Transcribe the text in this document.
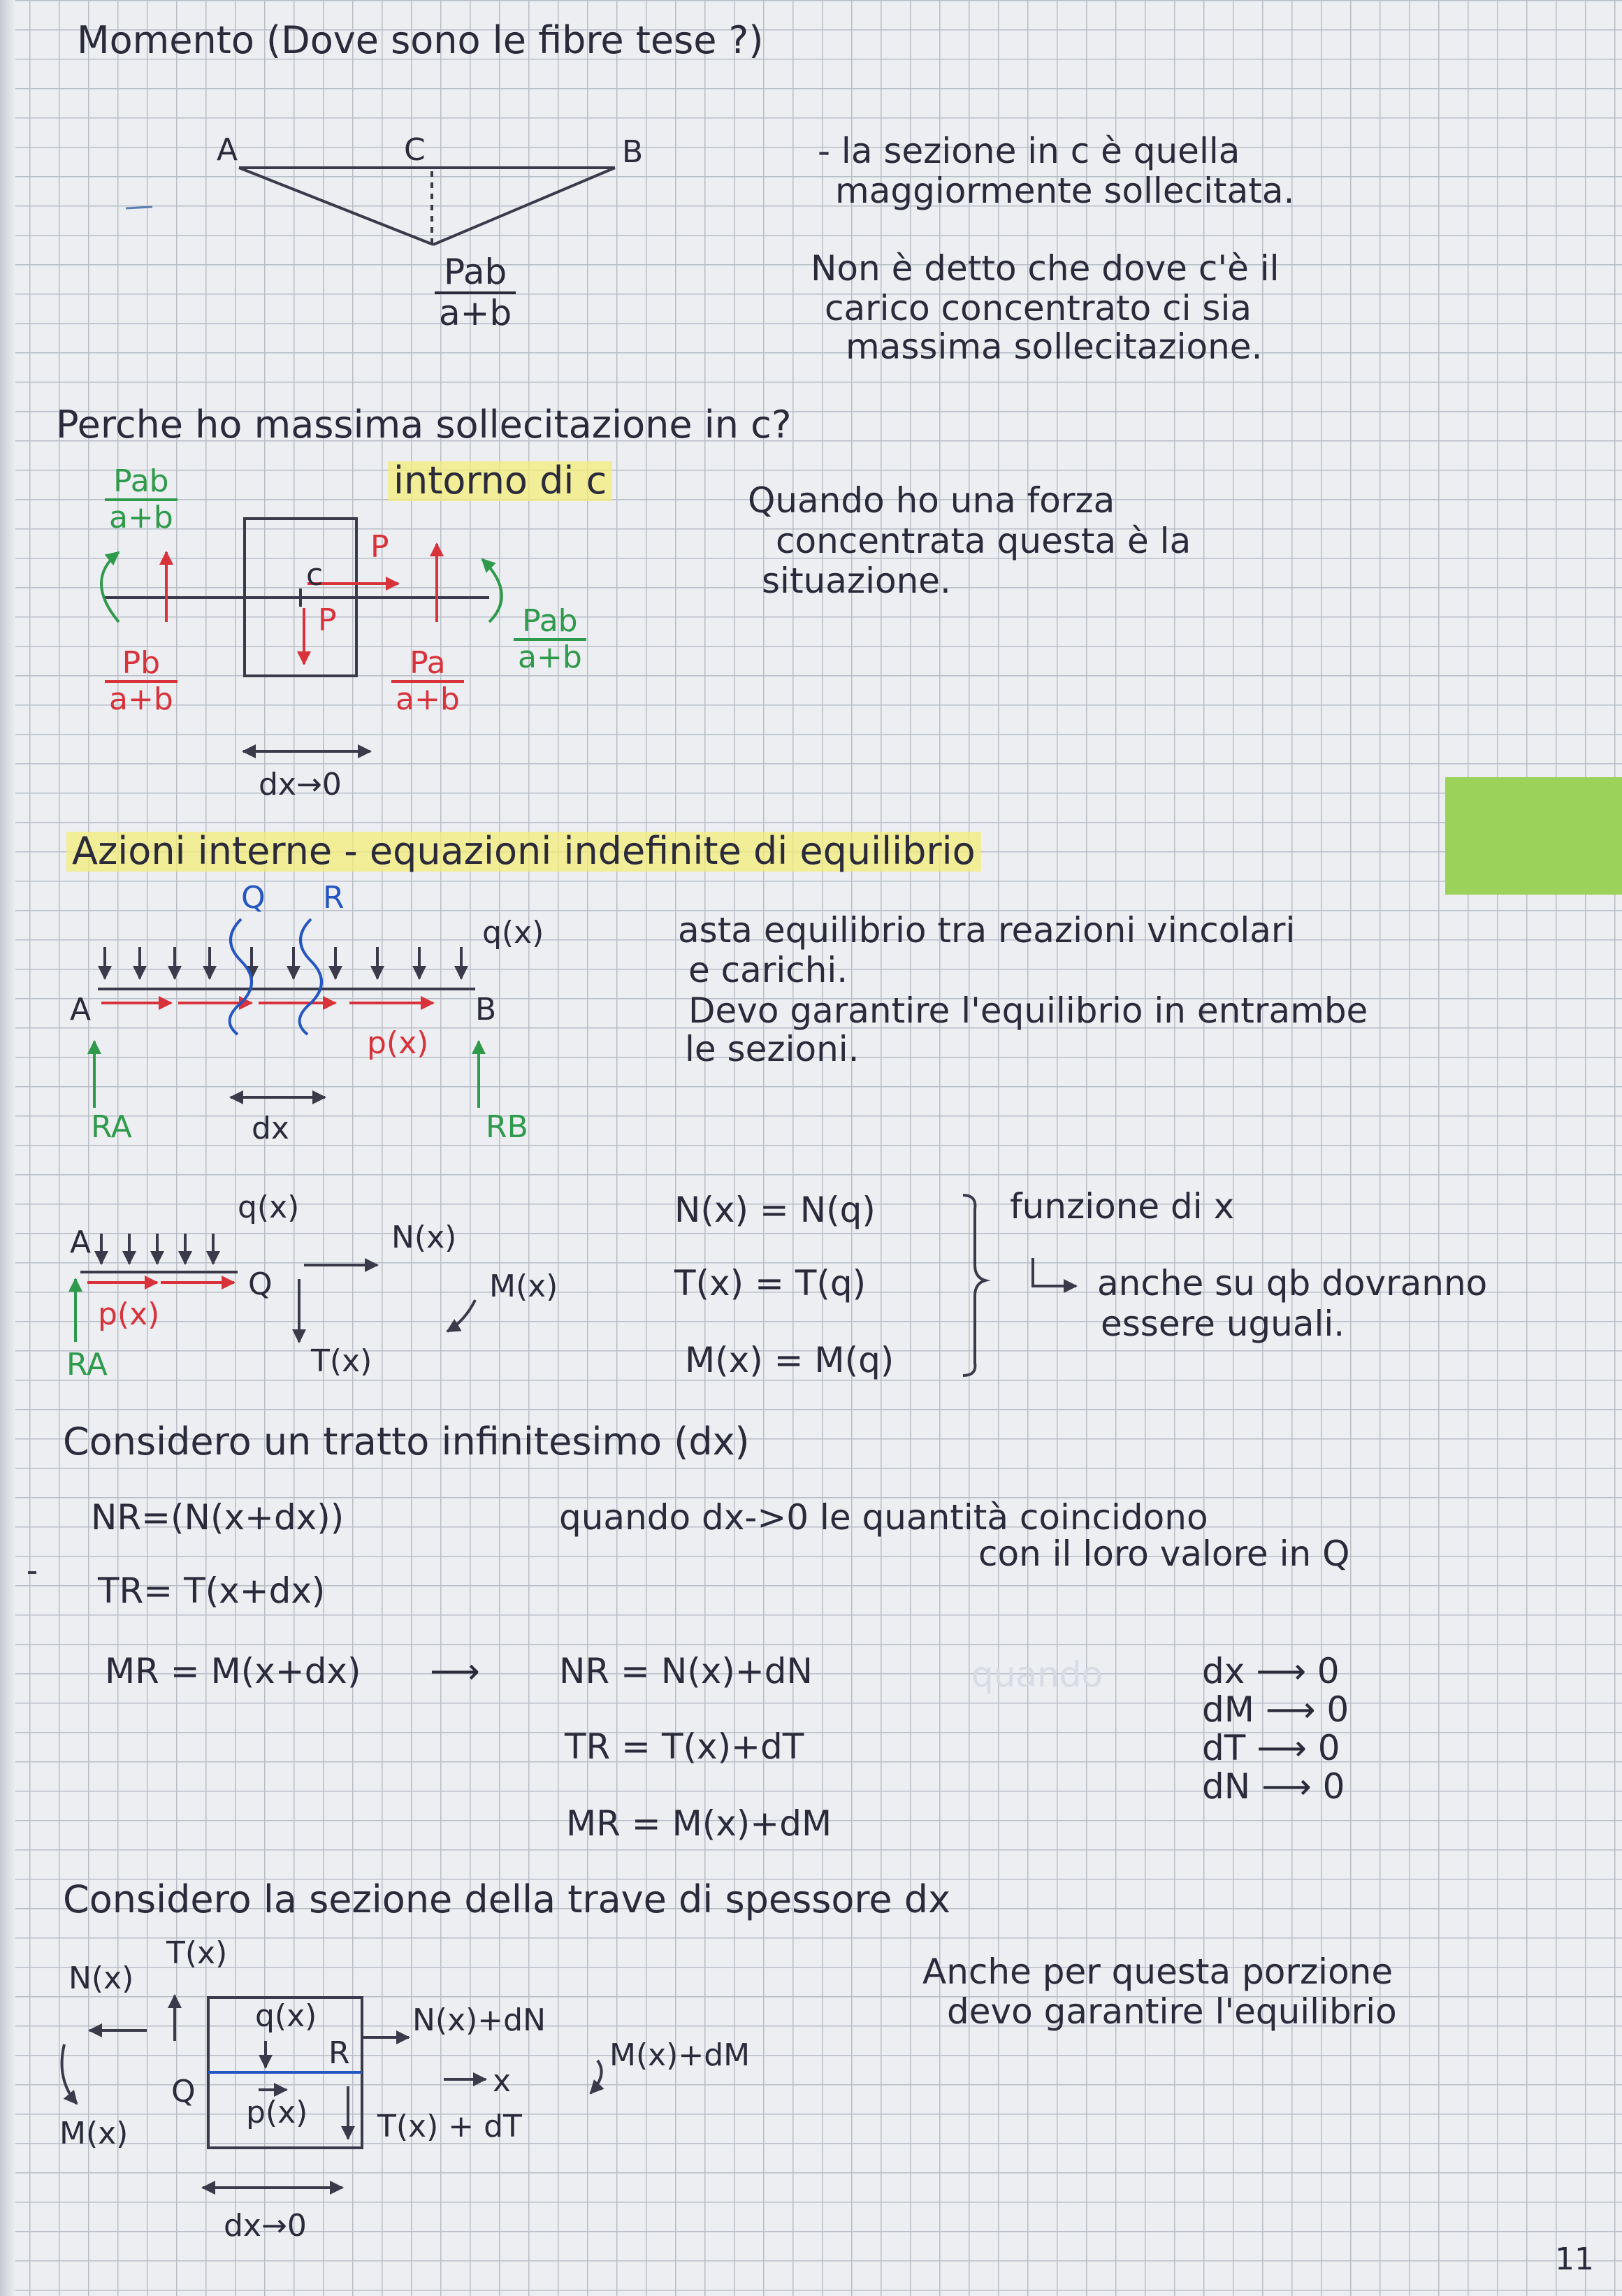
Momento (Dove sono le fibre tese ?)
A	C	B
Pab
a+b
- la sezione in c è quella
maggiormente sollecitata.
Non è detto che dove c'è il
carico concentrato ci sia
massima sollecitazione.
Perche ho massima sollecitazione in c?
intorno di c
Pab
a+b
Pab
a+b
$\frac{Pb}{a+b}$	$\frac{Pa}{a+b}$
c
P
P
dx→0
Quando ho una forza
concentrata questa è la
situazione.
Azioni interne - equazioni indefinite di equilibrio
Q R
q(x)
A	B
p(x)
RA	RB
dx
asta equilibrio tra reazioni vincolari
e carichi.
Devo garantire l'equilibrio in entrambe
le sezioni.
A
q(x)
N(x)
Q	M(x)
p(x)
RA	T(x)
N(x) = N(q)
T(x) = T(q)
M(x) = M(q)
funzione di x
anche su qb dovranno
essere uguali.
Considero un tratto infinitesimo (dx)
NR=(N(x+dx))
TR= T(x+dx)
MR = M(x+dx) ⟶
quando dx->0 le quantità coincidono
con il loro valore in Q
NR = N(x)+dN
TR = T(x)+dT
MR = M(x)+dM
quando	dx ⟶ 0
dM ⟶ 0
dT ⟶ 0
dN ⟶ 0
Considero la sezione della trave di spessore dx
N(x)
T(x)
q(x)	N(x)+dN
x
M(x)+dM
Q
R
p(x)
M(x)	T(x) + dT
dx→0
Anche per questa porzione
devo garantire l'equilibrio
11
